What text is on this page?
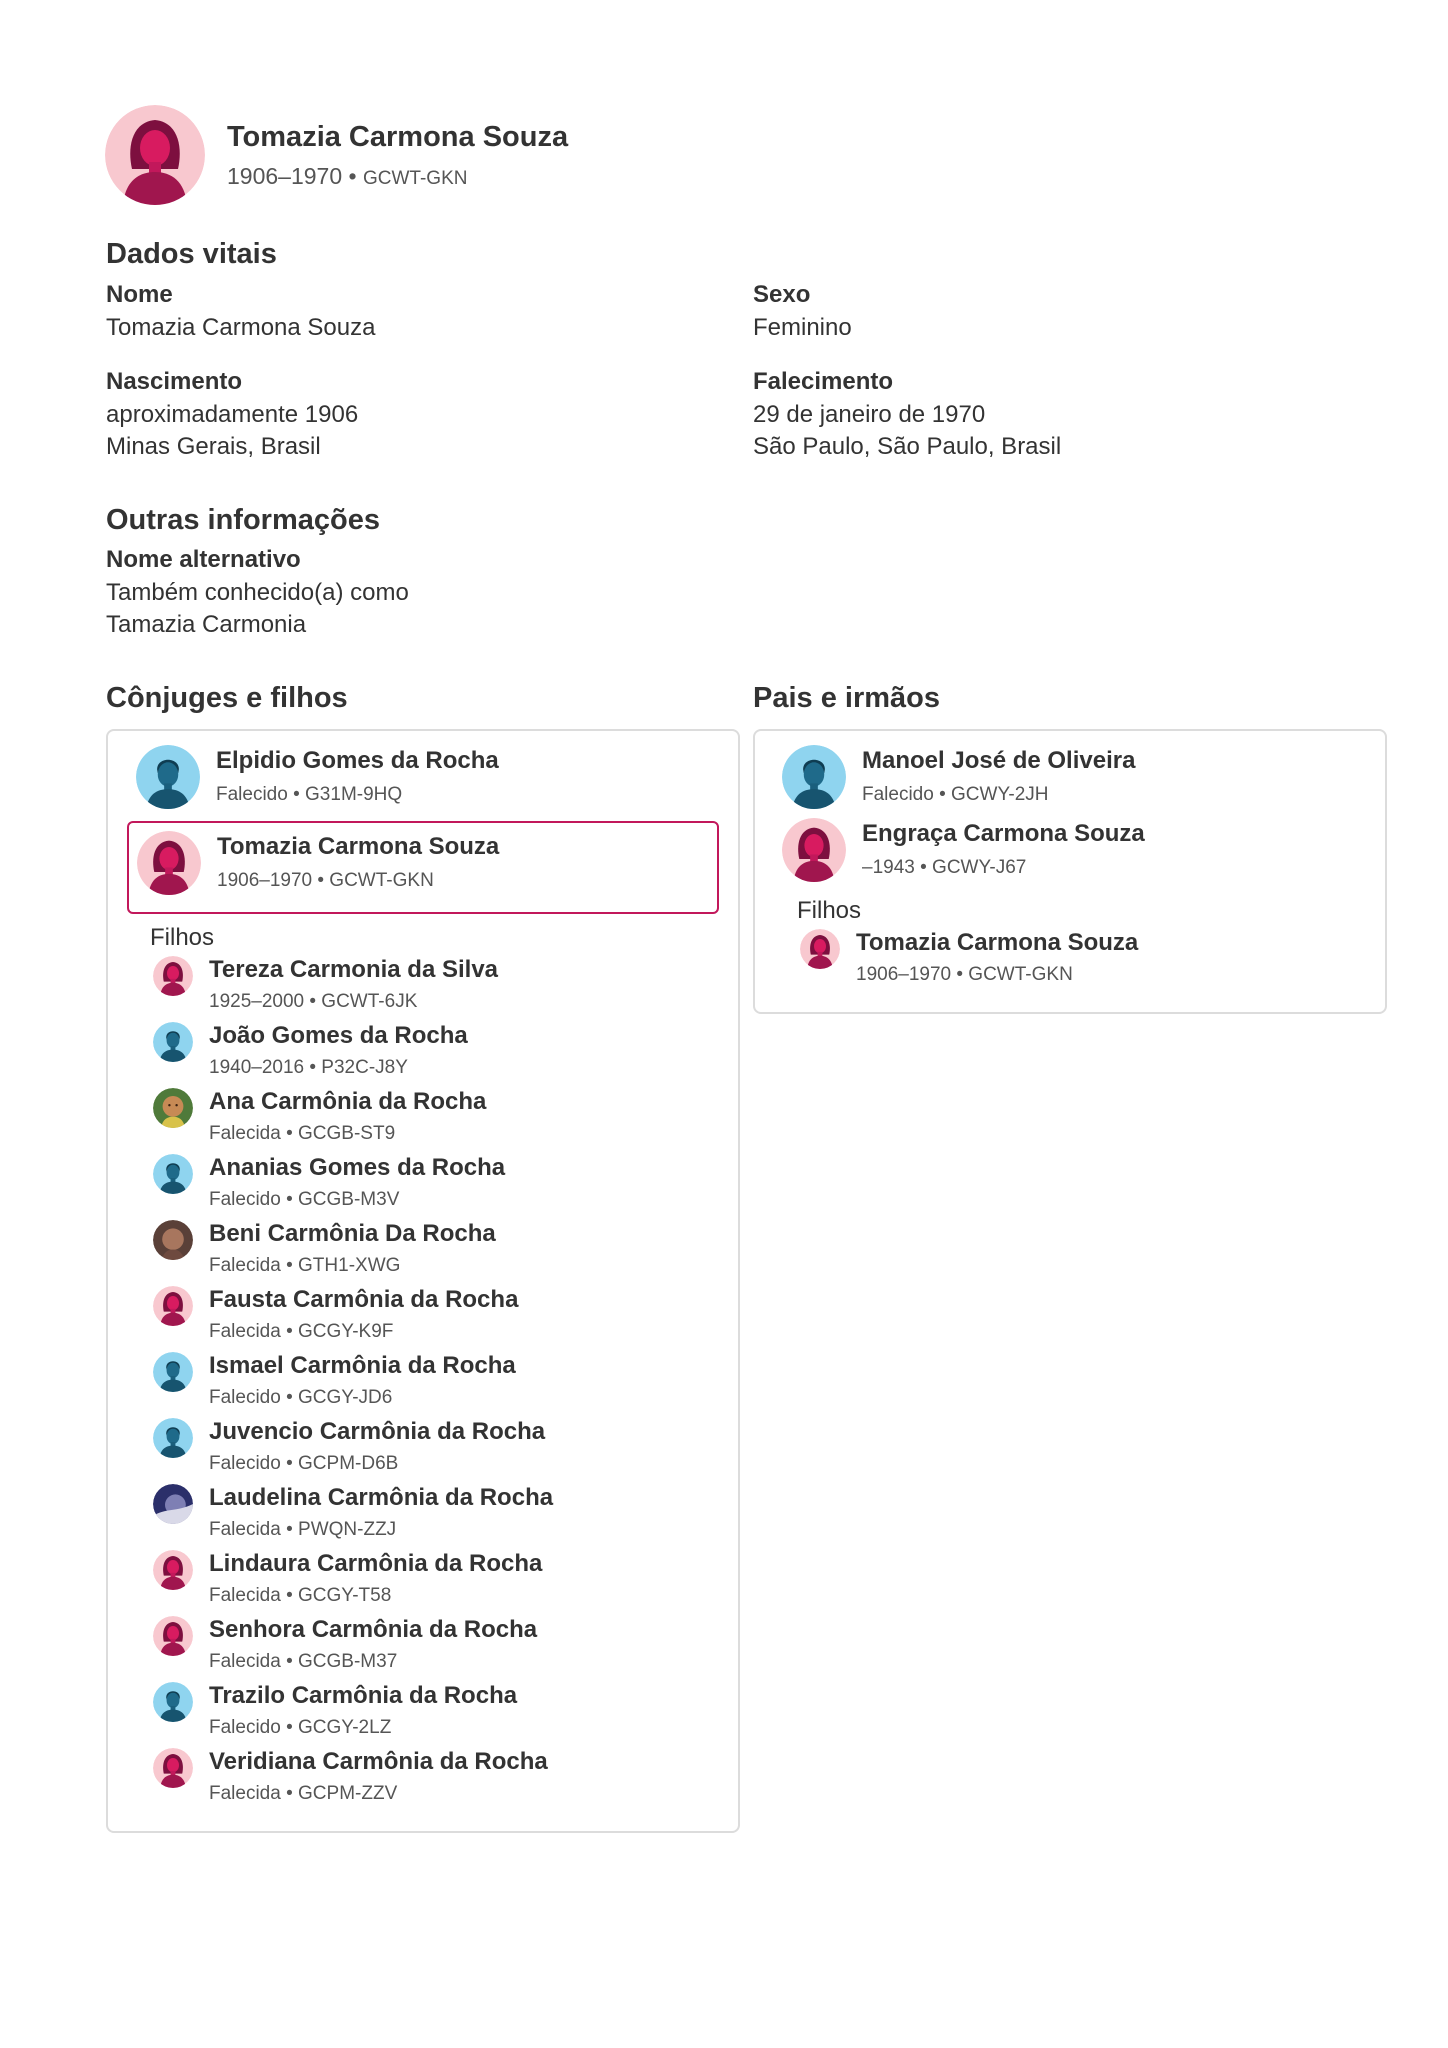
Tomazia Carmona Souza
1906–1970 • GCWT-GKN
Dados vitais
Nome
Tomazia Carmona Souza
Sexo
Feminino
Nascimento
aproximadamente 1906
Minas Gerais, Brasil
Falecimento
29 de janeiro de 1970
São Paulo, São Paulo, Brasil
Outras informações
Nome alternativo
Também conhecido(a) como
Tamazia Carmonia
Cônjuges e filhos
Elpidio Gomes da Rocha
Falecido • G31M-9HQ
Tomazia Carmona Souza
1906–1970 • GCWT-GKN
Filhos
Tereza Carmonia da Silva
1925–2000 • GCWT-6JK
João Gomes da Rocha
1940–2016 • P32C-J8Y
Ana Carmônia da Rocha
Falecida • GCGB-ST9
Ananias Gomes da Rocha
Falecido • GCGB-M3V
Beni Carmônia Da Rocha
Falecida • GTH1-XWG
Fausta Carmônia da Rocha
Falecida • GCGY-K9F
Ismael Carmônia da Rocha
Falecido • GCGY-JD6
Juvencio Carmônia da Rocha
Falecido • GCPM-D6B
Laudelina Carmônia da Rocha
Falecida • PWQN-ZZJ
Lindaura Carmônia da Rocha
Falecida • GCGY-T58
Senhora Carmônia da Rocha
Falecida • GCGB-M37
Trazilo Carmônia da Rocha
Falecido • GCGY-2LZ
Veridiana Carmônia da Rocha
Falecida • GCPM-ZZV
Pais e irmãos
Manoel José de Oliveira
Falecido • GCWY-2JH
Engraça Carmona Souza
–1943 • GCWY-J67
Filhos
Tomazia Carmona Souza
1906–1970 • GCWT-GKN
